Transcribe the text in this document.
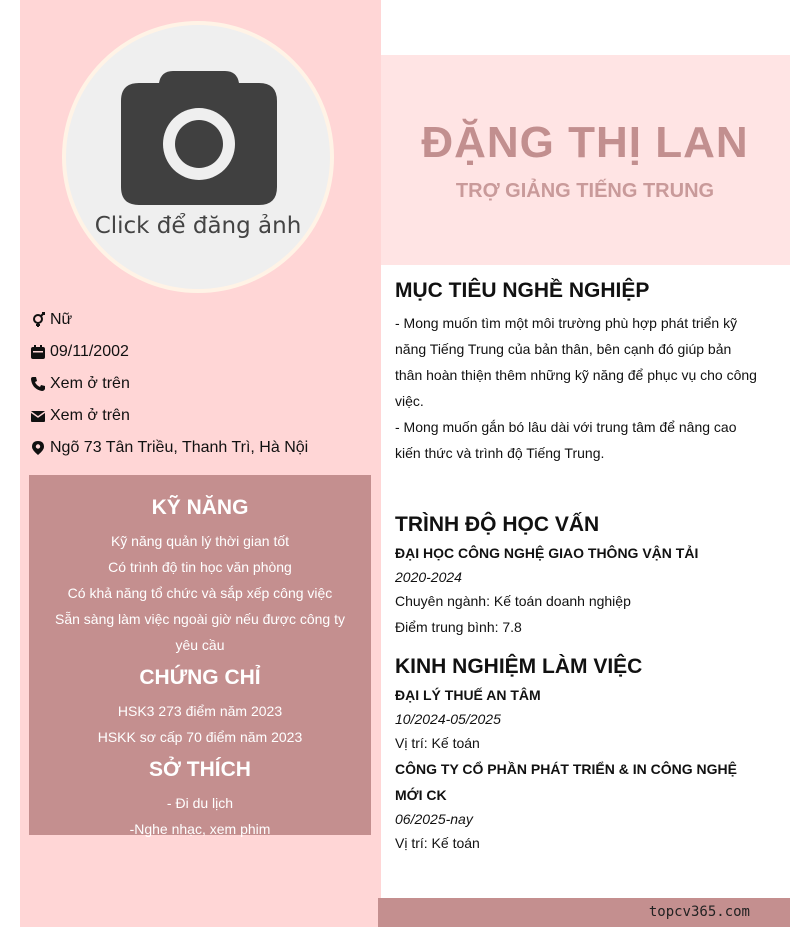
Click để đăng ảnh
ĐẶNG THỊ LAN
TRỢ GIẢNG TIẾNG TRUNG
Nữ
09/11/2002
Xem ở trên
Xem ở trên
Ngõ 73 Tân Triều, Thanh Trì, Hà Nội
KỸ NĂNG
Kỹ năng quản lý thời gian tốt
Có trình độ tin học văn phòng
Có khả năng tổ chức và sắp xếp công việc
Sẵn sàng làm việc ngoài giờ nếu được công ty yêu cầu
CHỨNG CHỈ
HSK3 273 điểm năm 2023
HSKK sơ cấp 70 điểm năm 2023
SỞ THÍCH
- Đi du lịch
-Nghe nhạc, xem phim
MỤC TIÊU NGHỀ NGHIỆP
- Mong muốn tìm một môi trường phù hợp phát triển kỹ năng Tiếng Trung của bản thân, bên cạnh đó giúp bản thân hoàn thiện thêm những kỹ năng để phục vụ cho công việc.
- Mong muốn gắn bó lâu dài với trung tâm để nâng cao kiến thức và trình độ Tiếng Trung.
TRÌNH ĐỘ HỌC VẤN
ĐẠI HỌC CÔNG NGHỆ GIAO THÔNG VẬN TẢI
2020-2024
Chuyên ngành: Kế toán doanh nghiệp
Điểm trung bình: 7.8
KINH NGHIỆM LÀM VIỆC
ĐẠI LÝ THUẾ AN TÂM
10/2024-05/2025
Vị trí: Kế toán
CÔNG TY CỔ PHẦN PHÁT TRIỂN & IN CÔNG NGHỆ MỚI CK
06/2025-nay
Vị trí: Kế toán
topcv365.com
